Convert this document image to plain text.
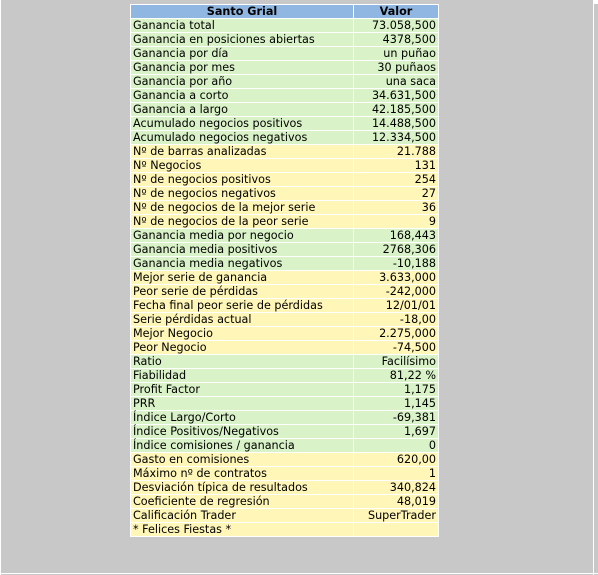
Santo Grial	Valor
Ganancia total	73.058,500
Ganancia en posiciones abiertas	4378,500
Ganancia por día	un puñao
Ganancia por mes	30 puñaos
Ganancia por año	una saca
Ganancia a corto	34.631,500
Ganancia a largo	42.185,500
Acumulado negocios positivos	14.488,500
Acumulado negocios negativos	12.334,500
Nº de barras analizadas	21.788
Nº Negocios	131
Nº de negocios positivos	254
Nº de negocios negativos	27
Nº de negocios de la mejor serie	36
Nº de negocios de la peor serie	9
Ganancia media por negocio	168,443
Ganancia media positivos	2768,306
Ganancia media negativos	-10,188
Mejor serie de ganancia	3.633,000
Peor serie de pérdidas	-242,000
Fecha final peor serie de pérdidas	12/01/01
Serie pérdidas actual	-18,00
Mejor Negocio	2.275,000
Peor Negocio	-74,500
Ratio	Facilísimo
Fiabilidad	81,22 %
Profit Factor	1,175
PRR	1,145
Índice Largo/Corto	-69,381
Índice Positivos/Negativos	1,697
Índice comisiones / ganancia	0
Gasto en comisiones	620,00
Máximo nº de contratos	1
Desviación típica de resultados	340,824
Coeficiente de regresión	48,019
Calificación Trader	SuperTrader
* Felices Fiestas *	
